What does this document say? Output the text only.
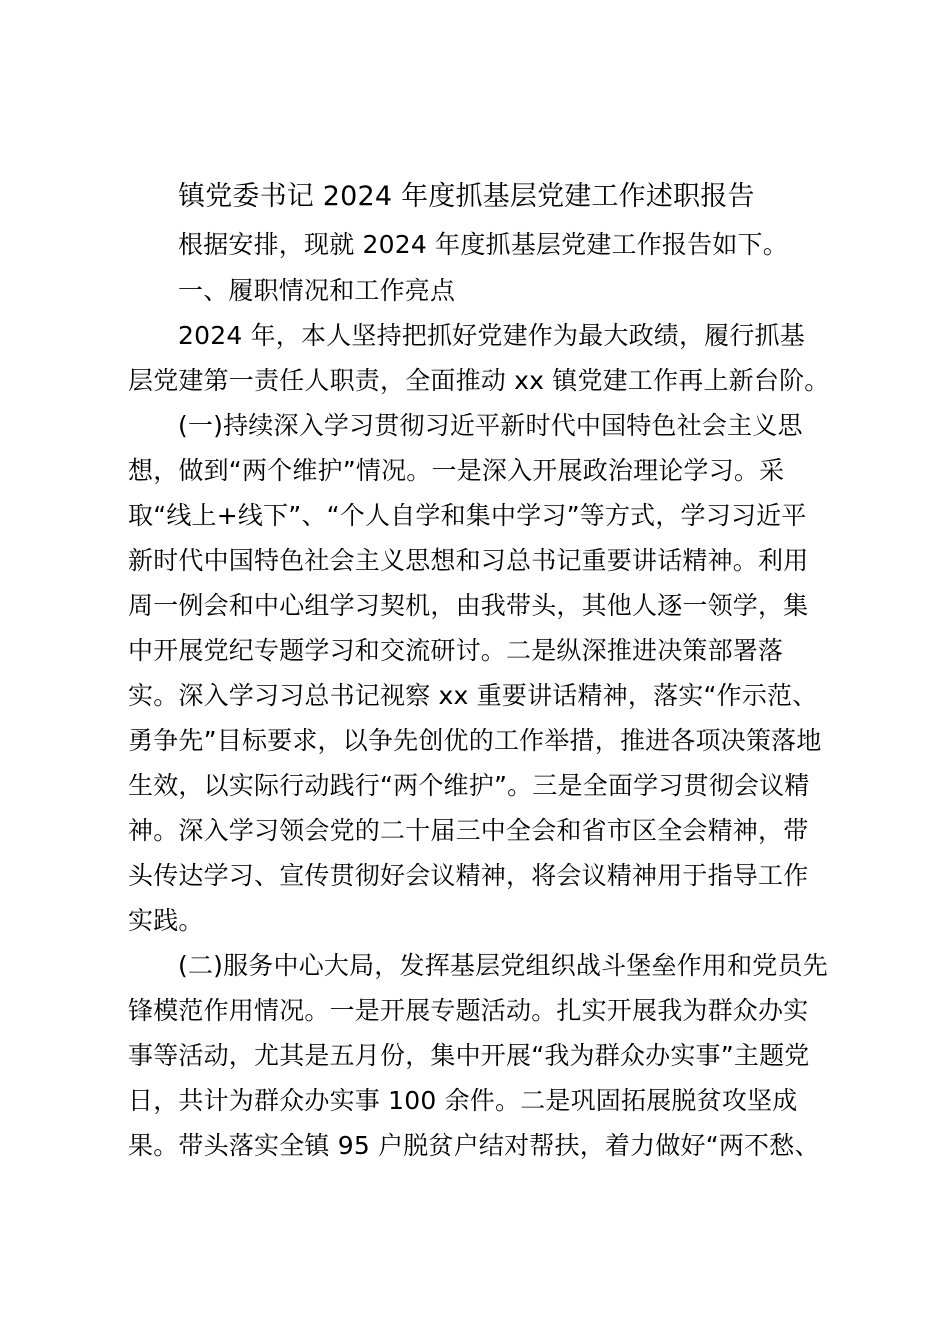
镇党委书记 2024 年度抓基层党建工作述职报告
根据安排，现就 2024 年度抓基层党建工作报告如下。
一、履职情况和工作亮点
2024 年，本人坚持把抓好党建作为最大政绩，履行抓基
层党建第一责任人职责，全面推动 xx 镇党建工作再上新台阶。
(一)持续深入学习贯彻习近平新时代中国特色社会主义思
想，做到“两个维护”情况。一是深入开展政治理论学习。采
取“线上+线下”、“个人自学和集中学习”等方式，学习习近平
新时代中国特色社会主义思想和习总书记重要讲话精神。利用
周一例会和中心组学习契机，由我带头，其他人逐一领学，集
中开展党纪专题学习和交流研讨。二是纵深推进决策部署落
实。深入学习习总书记视察 xx 重要讲话精神，落实“作示范、
勇争先”目标要求，以争先创优的工作举措，推进各项决策落地
生效，以实际行动践行“两个维护”。三是全面学习贯彻会议精
神。深入学习领会党的二十届三中全会和省市区全会精神，带
头传达学习、宣传贯彻好会议精神，将会议精神用于指导工作
实践。
(二)服务中心大局，发挥基层党组织战斗堡垒作用和党员先
锋模范作用情况。一是开展专题活动。扎实开展我为群众办实
事等活动，尤其是五月份，集中开展“我为群众办实事”主题党
日，共计为群众办实事 100 余件。二是巩固拓展脱贫攻坚成
果。带头落实全镇 95 户脱贫户结对帮扶，着力做好“两不愁、
